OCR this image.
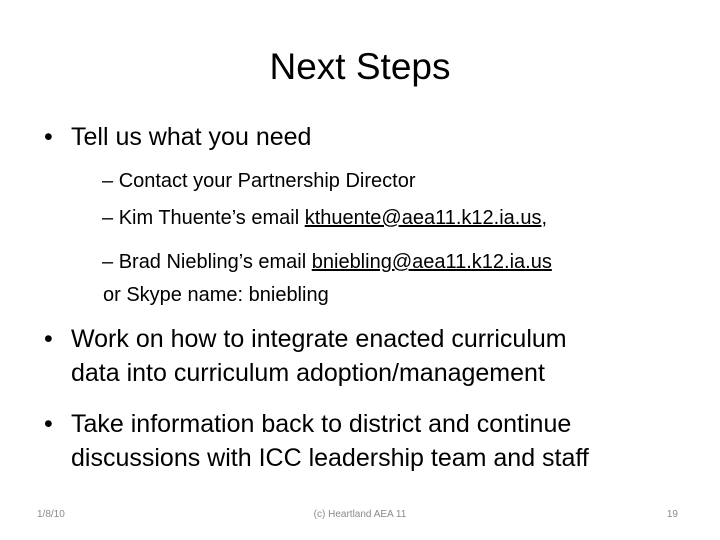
Next Steps
• Tell us what you need
– Contact your Partnership Director
– Kim Thuente’s email kthuente@aea11.k12.ia.us,
– Brad Niebling’s email bniebling@aea11.k12.ia.us
or Skype name: bniebling
• Work on how to integrate enacted curriculum
data into curriculum adoption/management
• Take information back to district and continue
discussions with ICC leadership team and staff
1/8/10	(c) Heartland AEA 11	19
